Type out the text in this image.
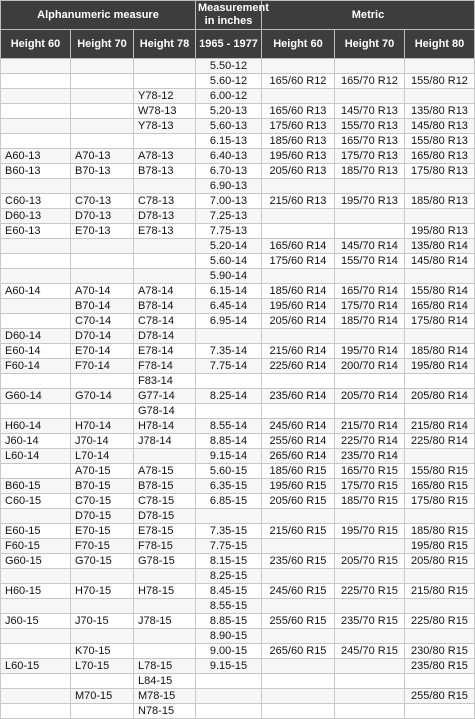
Alphanumeric measure			Measurement in inches	Metric		
Height 60	Height 70	Height 78	1965 - 1977	Height 60	Height 70	Height 80
			5.50-12			
			5.60-12	165/60 R12	165/70 R12	155/80 R12
		Y78-12	6.00-12			
		W78-13	5.20-13	165/60 R13	145/70 R13	135/80 R13
		Y78-13	5.60-13	175/60 R13	155/70 R13	145/80 R13
			6.15-13	185/60 R13	165/70 R13	155/80 R13
A60-13	A70-13	A78-13	6.40-13	195/60 R13	175/70 R13	165/80 R13
B60-13	B70-13	B78-13	6.70-13	205/60 R13	185/70 R13	175/80 R13
			6.90-13			
C60-13	C70-13	C78-13	7.00-13	215/60 R13	195/70 R13	185/80 R13
D60-13	D70-13	D78-13	7.25-13			
E60-13	E70-13	E78-13	7.75-13			195/80 R13
			5.20-14	165/60 R14	145/70 R14	135/80 R14
			5.60-14	175/60 R14	155/70 R14	145/80 R14
			5.90-14			
A60-14	A70-14	A78-14	6.15-14	185/60 R14	165/70 R14	155/80 R14
	B70-14	B78-14	6.45-14	195/60 R14	175/70 R14	165/80 R14
	C70-14	C78-14	6.95-14	205/60 R14	185/70 R14	175/80 R14
D60-14	D70-14	D78-14				
E60-14	E70-14	E78-14	7.35-14	215/60 R14	195/70 R14	185/80 R14
F60-14	F70-14	F78-14	7.75-14	225/60 R14	200/70 R14	195/80 R14
		F83-14				
G60-14	G70-14	G77-14	8.25-14	235/60 R14	205/70 R14	205/80 R14
		G78-14				
H60-14	H70-14	H78-14	8.55-14	245/60 R14	215/70 R14	215/80 R14
J60-14	J70-14	J78-14	8.85-14	255/60 R14	225/70 R14	225/80 R14
L60-14	L70-14		9.15-14	265/60 R14	235/70 R14	
	A70-15	A78-15	5.60-15	185/60 R15	165/70 R15	155/80 R15
B60-15	B70-15	B78-15	6.35-15	195/60 R15	175/70 R15	165/80 R15
C60-15	C70-15	C78-15	6.85-15	205/60 R15	185/70 R15	175/80 R15
	D70-15	D78-15				
E60-15	E70-15	E78-15	7.35-15	215/60 R15	195/70 R15	185/80 R15
F60-15	F70-15	F78-15	7.75-15			195/80 R15
G60-15	G70-15	G78-15	8.15-15	235/60 R15	205/70 R15	205/80 R15
			8.25-15			
H60-15	H70-15	H78-15	8.45-15	245/60 R15	225/70 R15	215/80 R15
			8.55-15			
J60-15	J70-15	J78-15	8.85-15	255/60 R15	235/70 R15	225/80 R15
			8.90-15			
	K70-15		9.00-15	265/60 R15	245/70 R15	230/80 R15
L60-15	L70-15	L78-15	9.15-15			235/80 R15
		L84-15				
	M70-15	M78-15				255/80 R15
		N78-15				
